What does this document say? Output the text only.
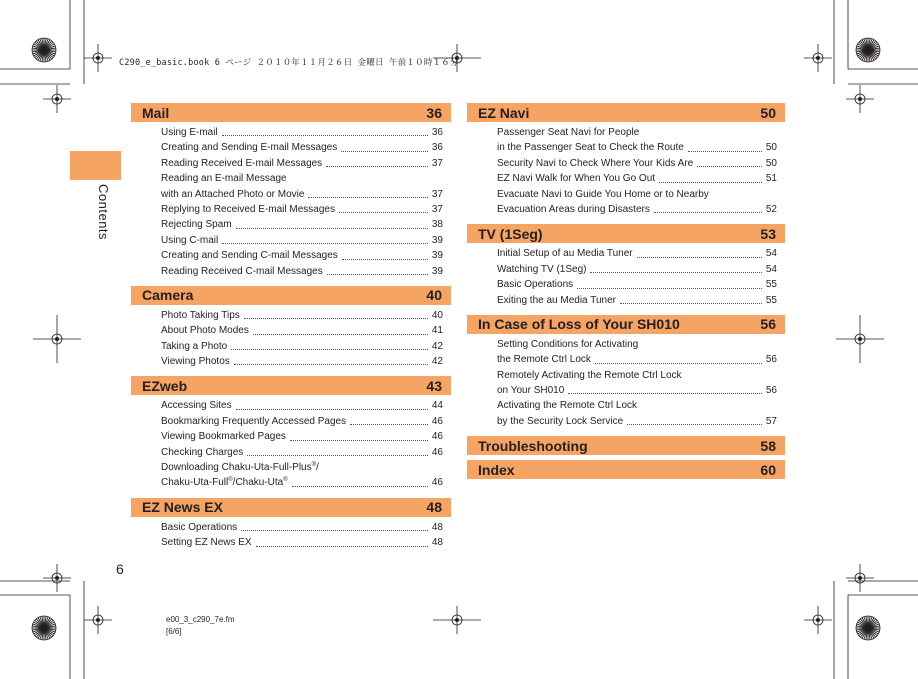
C290_e_basic.book 6 ページ ２０１０年１１月２６日 金曜日 午前１０時１６分
Contents
Mail	36
Using E-mail	36
Creating and Sending E-mail Messages	36
Reading Received E-mail Messages	37
Reading an E-mail Message
with an Attached Photo or Movie	37
Replying to Received E-mail Messages	37
Rejecting Spam	38
Using C-mail	39
Creating and Sending C-mail Messages	39
Reading Received C-mail Messages	39
Camera	40
Photo Taking Tips	40
About Photo Modes	41
Taking a Photo	42
Viewing Photos	42
EZweb	43
Accessing Sites	44
Bookmarking Frequently Accessed Pages	46
Viewing Bookmarked Pages	46
Checking Charges	46
Downloading Chaku-Uta-Full-Plus®/
Chaku-Uta-Full®/Chaku-Uta®	46
EZ News EX	48
Basic Operations	48
Setting EZ News EX	48
EZ Navi	50
Passenger Seat Navi for People
in the Passenger Seat to Check the Route	50
Security Navi to Check Where Your Kids Are	50
EZ Navi Walk for When You Go Out	51
Evacuate Navi to Guide You Home or to Nearby
Evacuation Areas during Disasters	52
TV (1Seg)	53
Initial Setup of au Media Tuner	54
Watching TV (1Seg)	54
Basic Operations	55
Exiting the au Media Tuner	55
In Case of Loss of Your SH010	56
Setting Conditions for Activating
the Remote Ctrl Lock	56
Remotely Activating the Remote Ctrl Lock
on Your SH010	56
Activating the Remote Ctrl Lock
by the Security Lock Service	57
Troubleshooting	58
Index	60
6
e00_3_c290_7e.fm
[6/6]
